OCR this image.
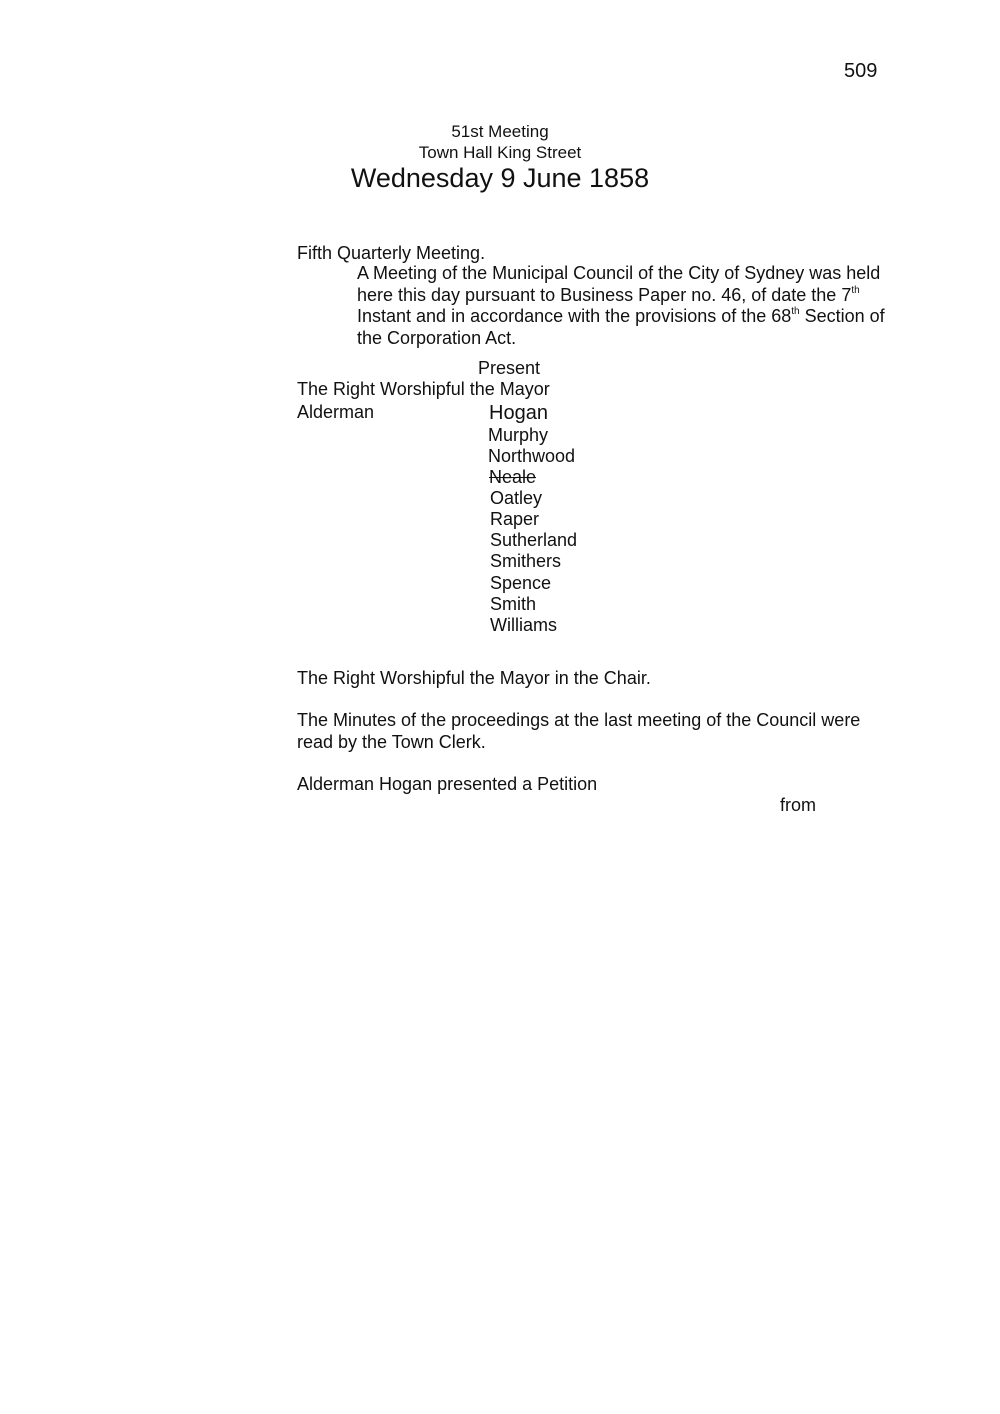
509
51st Meeting
Town Hall King Street
Wednesday 9 June 1858
Fifth Quarterly Meeting.
A Meeting of the Municipal Council of the City of Sydney was held
here this day pursuant to Business Paper no. 46, of date the 7th
Instant and in accordance with the provisions of the 68th Section of
the Corporation Act.
Present
The Right Worshipful the Mayor
Alderman	Hogan
Murphy
Northwood
Neale
Oatley
Raper
Sutherland
Smithers
Spence
Smith
Williams
The Right Worshipful the Mayor in the Chair.
The Minutes of the proceedings at the last meeting of the Council were
read by the Town Clerk.
Alderman Hogan presented a Petition
from
